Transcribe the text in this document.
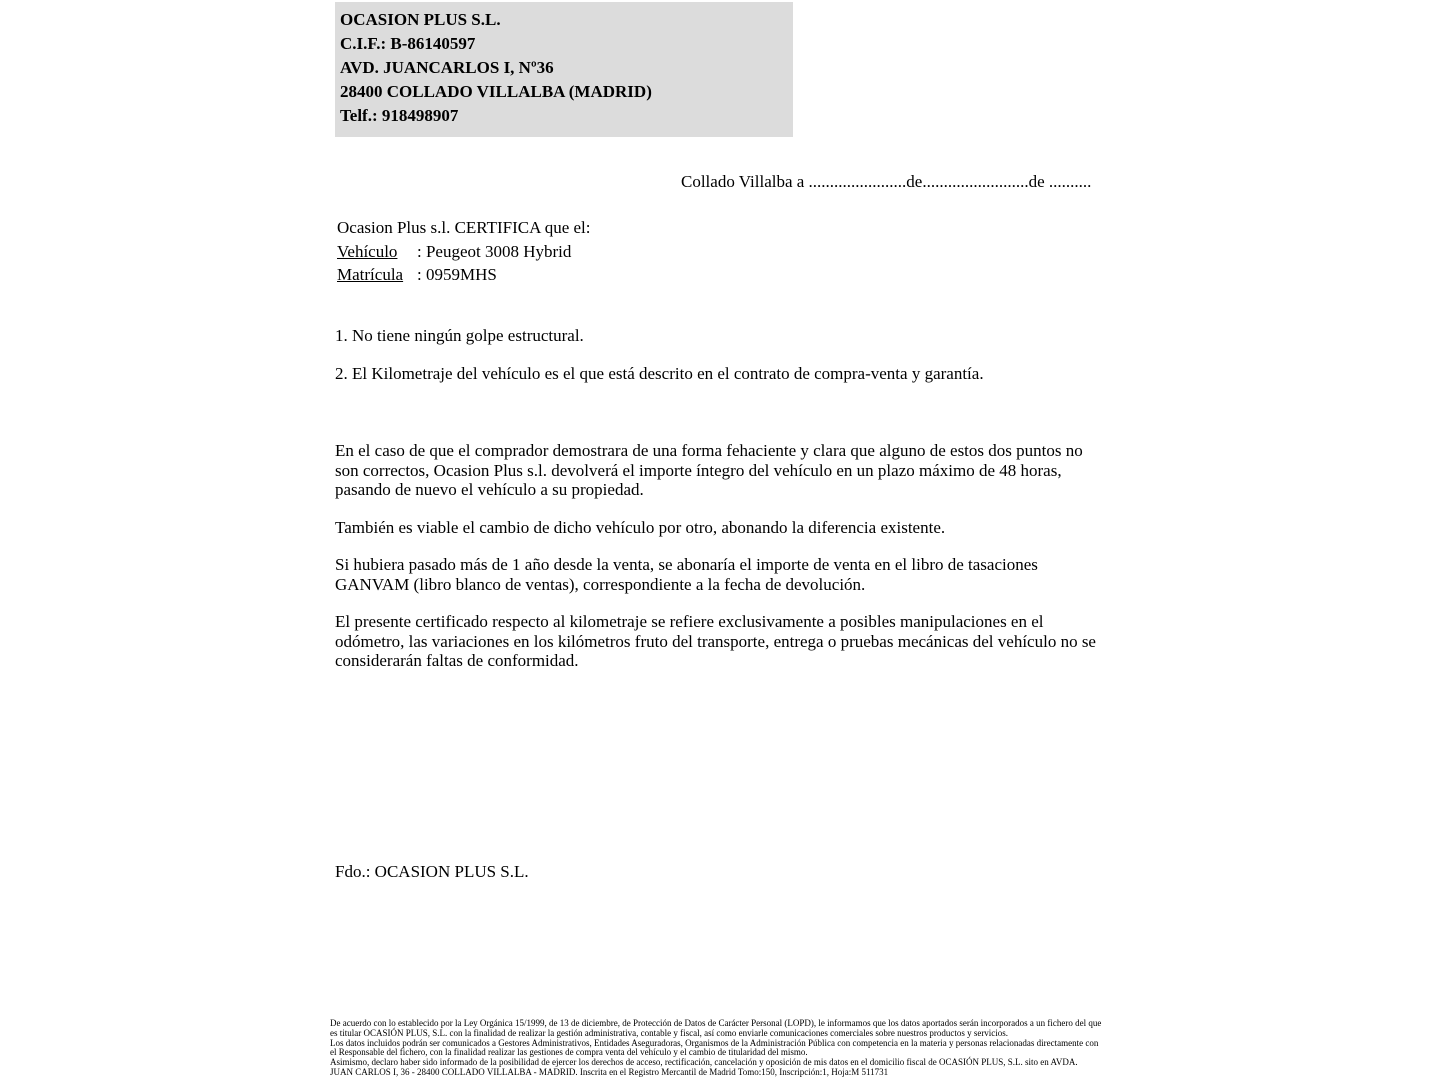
OCASION PLUS S.L.
C.I.F.: B-86140597
AVD. JUANCARLOS I, Nº36
28400 COLLADO VILLALBA (MADRID)
Telf.: 918498907
Collado Villalba a .......................de.........................de ..........
Ocasion Plus s.l. CERTIFICA que el:
Vehículo : Peugeot 3008 Hybrid
Matrícula : 0959MHS
1. No tiene ningún golpe estructural.
2. El Kilometraje del vehículo es el que está descrito en el contrato de compra-venta y garantía.

En el caso de que el comprador demostrara de una forma fehaciente y clara que alguno de estos dos puntos no son correctos, Ocasion Plus s.l. devolverá el importe íntegro del vehículo en un plazo máximo de 48 horas, pasando de nuevo el vehículo a su propiedad.

También es viable el cambio de dicho vehículo por otro, abonando la diferencia existente.

Si hubiera pasado más de 1 año desde la venta, se abonaría el importe de venta en el libro de tasaciones GANVAM (libro blanco de ventas), correspondiente a la fecha de devolución.

El presente certificado respecto al kilometraje se refiere exclusivamente a posibles manipulaciones en el odómetro, las variaciones en los kilómetros fruto del transporte, entrega o pruebas mecánicas del vehículo no se considerarán faltas de conformidad.

Fdo.: OCASION PLUS S.L.

De acuerdo con lo establecido por la Ley Orgánica 15/1999, de 13 de diciembre, de Protección de Datos de Carácter Personal (LOPD), le informamos que los datos aportados serán incorporados a un fichero del que es titular OCASIÓN PLUS, S.L. con la finalidad de realizar la gestión administrativa, contable y fiscal, así como enviarle comunicaciones comerciales sobre nuestros productos y servicios.

Los datos incluidos podrán ser comunicados a Gestores Administrativos, Entidades Aseguradoras, Organismos de la Administración Pública con competencia en la materia y personas relacionadas directamente con el Responsable del fichero, con la finalidad realizar las gestiones de compra venta del vehículo y el cambio de titularidad del mismo.

Asimismo, declaro haber sido informado de la posibilidad de ejercer los derechos de acceso, rectificación, cancelación y oposición de mis datos en el domicilio fiscal de OCASIÓN PLUS, S.L. sito en AVDA. JUAN CARLOS I, 36 - 28400 COLLADO VILLALBA - MADRID. Inscrita en el Registro Mercantil de Madrid Tomo:150, Inscripción:1, Hoja:M 511731
